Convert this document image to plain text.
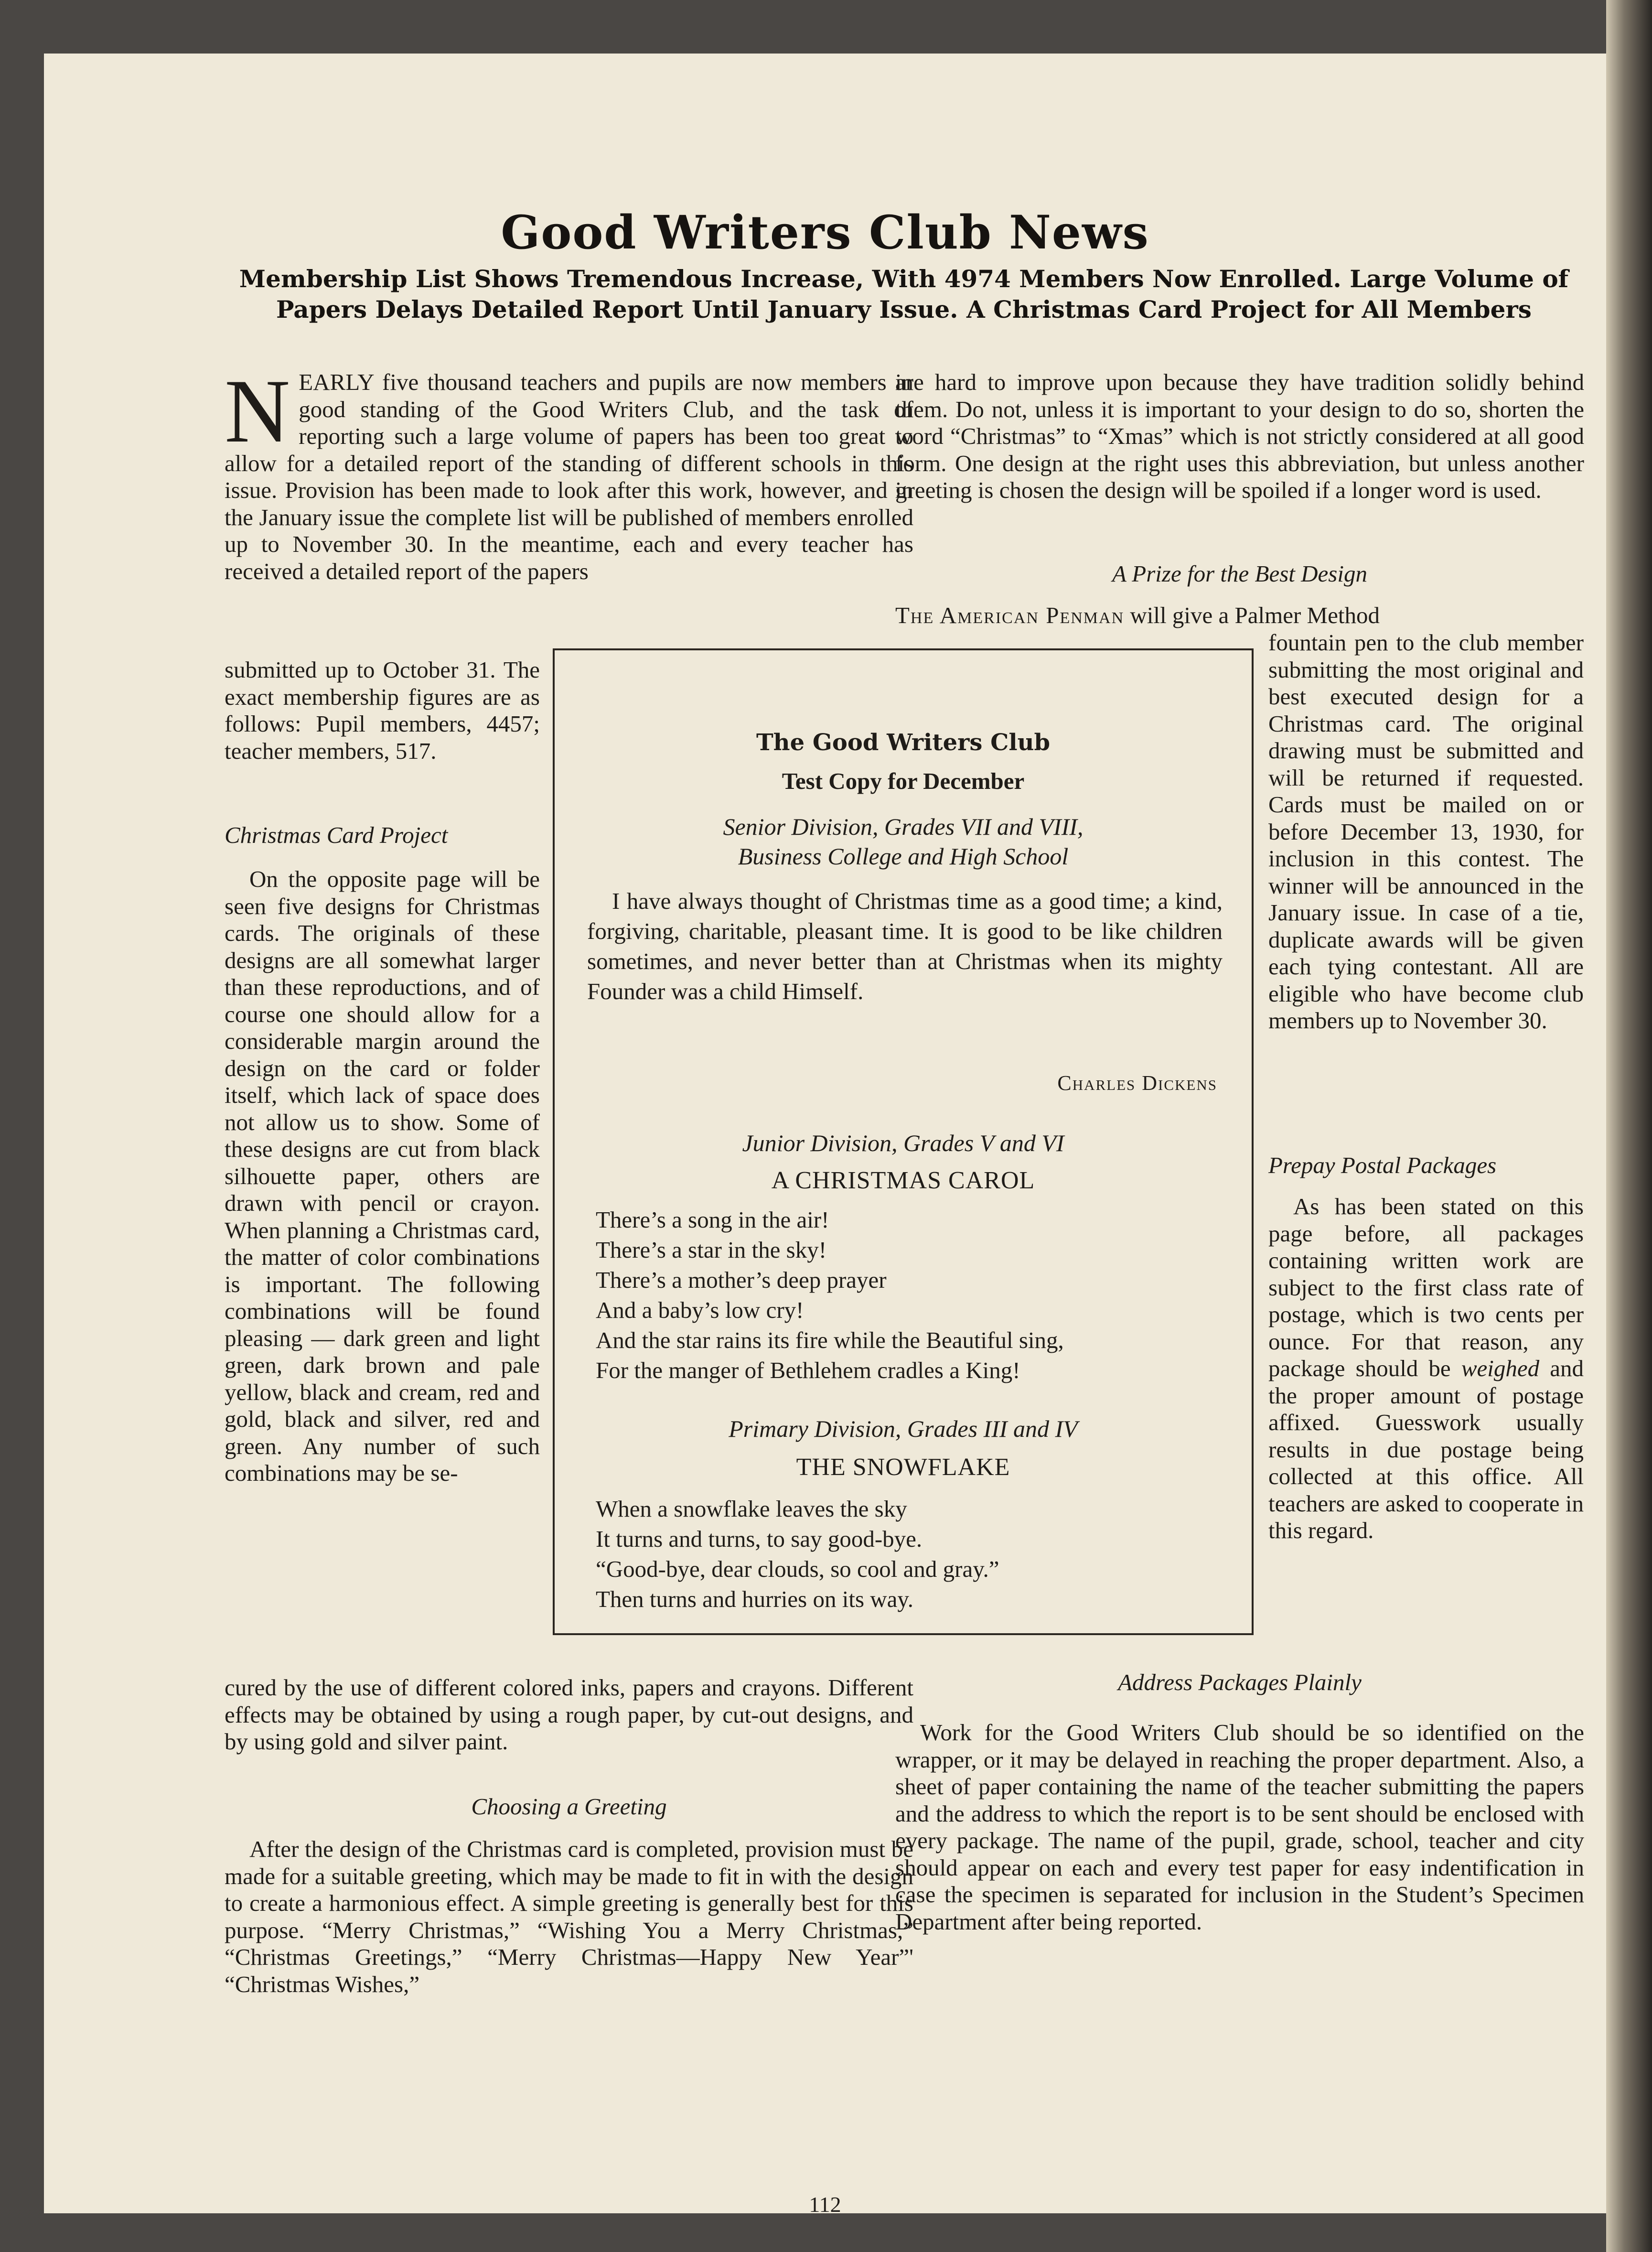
Good Writers Club News

Membership List Shows Tremendous Increase, With 4974 Members Now Enrolled. Large Volume of Papers Delays Detailed Report Until January Issue. A Christmas Card Project for All Members

NEARLY five thousand teachers and pupils are now members in good standing of the Good Writers Club, and the task of reporting such a large volume of papers has been too great to allow for a detailed report of the standing of different schools in this issue. Provision has been made to look after this work, however, and in the January issue the complete list will be published of members enrolled up to November 30. In the meantime, each and every teacher has received a detailed report of the papers

submitted up to October 31. The exact membership figures are as follows: Pupil members, 4457; teacher members, 517.

Christmas Card Project

On the opposite page will be seen five designs for Christmas cards. The originals of these designs are all somewhat larger than these reproductions, and of course one should allow for a considerable margin around the design on the card or folder itself, which lack of space does not allow us to show. Some of these designs are cut from black silhouette paper, others are drawn with pencil or crayon. When planning a Christmas card, the matter of color combinations is important. The following combinations will be found pleasing — dark green and light green, dark brown and pale yellow, black and cream, red and gold, black and silver, red and green. Any number of such combinations may be se-

cured by the use of different colored inks, papers and crayons. Different effects may be obtained by using a rough paper, by cut-out designs, and by using gold and silver paint.

Choosing a Greeting

After the design of the Christmas card is completed, provision must be made for a suitable greeting, which may be made to fit in with the design to create a harmonious effect. A simple greeting is generally best for this purpose. “Merry Christmas,” “Wishing You a Merry Christmas,” “Christmas Greetings,” “Merry Christmas—Happy New Year”' “Christmas Wishes,”

are hard to improve upon because they have tradition solidly behind them. Do not, unless it is important to your design to do so, shorten the word “Christmas” to “Xmas” which is not strictly considered at all good form. One design at the right uses this abbreviation, but unless another greeting is chosen the design will be spoiled if a longer word is used.

A Prize for the Best Design

The American Penman will give a Palmer Method

fountain pen to the club member submitting the most original and best executed design for a Christmas card. The original drawing must be submitted and will be returned if requested. Cards must be mailed on or before December 13, 1930, for inclusion in this contest. The winner will be announced in the January issue. In case of a tie, duplicate awards will be given each tying contestant. All are eligible who have become club members up to November 30.

Prepay Postal Packages

As has been stated on this page before, all packages containing written work are subject to the first class rate of postage, which is two cents per ounce. For that reason, any package should be weighed and the proper amount of postage affixed. Guesswork usually results in due postage being collected at this office. All teachers are asked to cooperate in this regard.

Address Packages Plainly

Work for the Good Writers Club should be so identified on the wrapper, or it may be delayed in reaching the proper department. Also, a sheet of paper containing the name of the teacher submitting the papers and the address to which the report is to be sent should be enclosed with every package. The name of the pupil, grade, school, teacher and city should appear on each and every test paper for easy indentification in case the specimen is separated for inclusion in the Student’s Specimen Department after being reported.

The Good Writers Club

Test Copy for December

Senior Division, Grades VII and VIII,

Business College and High School

I have always thought of Christmas time as a good time; a kind, forgiving, charitable, pleasant time. It is good to be like children sometimes, and never better than at Christmas when its mighty Founder was a child Himself.

Charles Dickens

Junior Division, Grades V and VI

A CHRISTMAS CAROL

There’s a song in the air!
There’s a star in the sky!
There’s a mother’s deep prayer
And a baby’s low cry!
And the star rains its fire while the Beautiful sing,
For the manger of Bethlehem cradles a King!

Primary Division, Grades III and IV

THE SNOWFLAKE

When a snowflake leaves the sky
It turns and turns, to say good-bye.
“Good-bye, dear clouds, so cool and gray.”
Then turns and hurries on its way.

112
